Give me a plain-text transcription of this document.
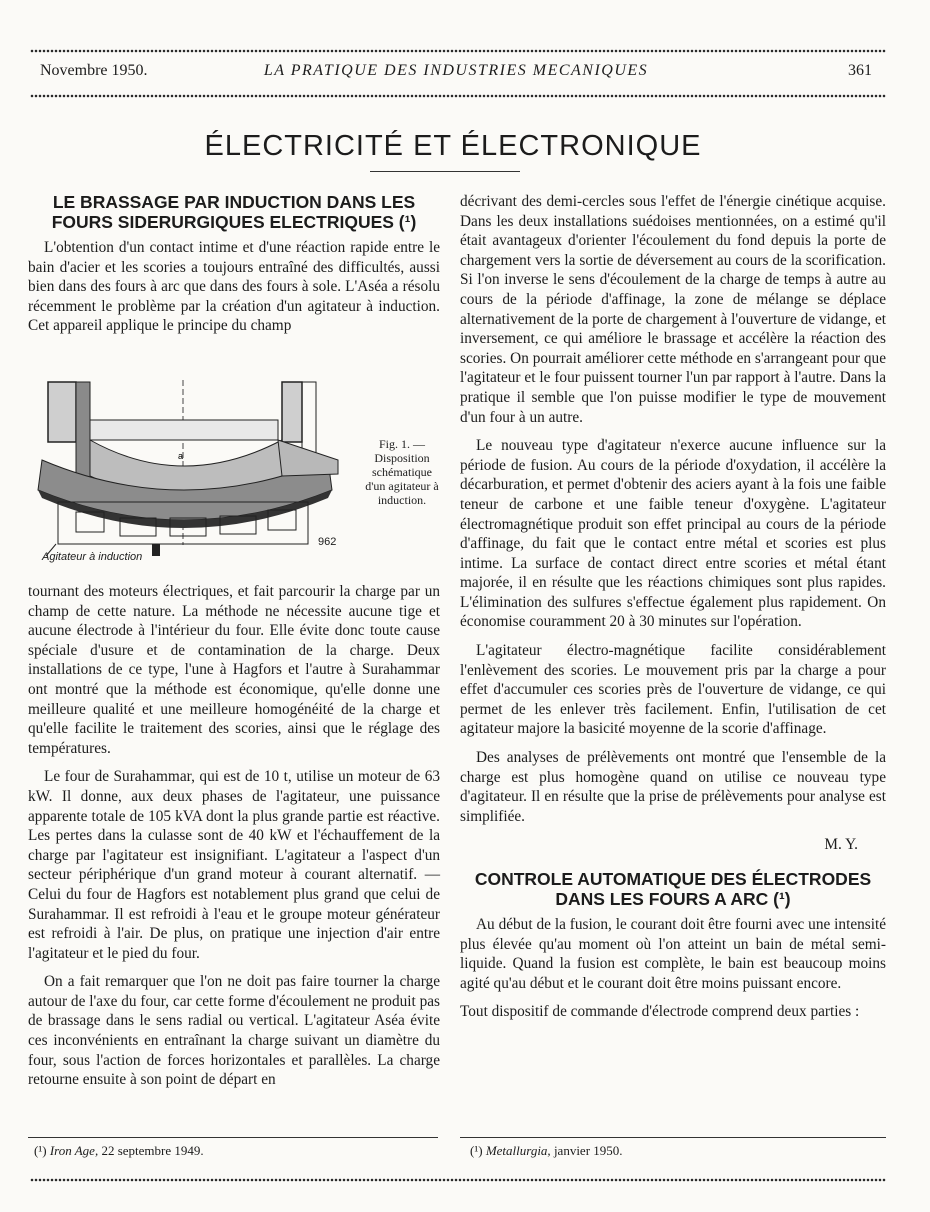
Novembre 1950.	LA PRATIQUE DES INDUSTRIES MECANIQUES	361
ÉLECTRICITÉ ET ÉLECTRONIQUE
LE BRASSAGE PAR INDUCTION DANS LES FOURS SIDERURGIQUES ELECTRIQUES (¹)

L'obtention d'un contact intime et d'une réaction rapide entre le bain d'acier et les scories a toujours entraîné des difficultés, aussi bien dans des fours à arc que dans des fours à sole. L'Aséa a résolu récemment le problème par la création d'un agitateur à induction. Cet appareil applique le principe du champ

a
Fig. 1. — Disposition schématique d'un agitateur à induction.
Agitateur à induction
962

tournant des moteurs électriques, et fait parcourir la charge par un champ de cette nature. La méthode ne nécessite aucune tige et aucune électrode à l'intérieur du four. Elle évite donc toute cause spéciale d'usure et de contamination de la charge. Deux installations de ce type, l'une à Hagfors et l'autre à Surahammar ont montré que la méthode est économique, qu'elle donne une meilleure qualité et une meilleure homogénéité de la charge et qu'elle facilite le traitement des scories, ainsi que le réglage des températures.

Le four de Surahammar, qui est de 10 t, utilise un moteur de 63 kW. Il donne, aux deux phases de l'agitateur, une puissance apparente totale de 105 kVA dont la plus grande partie est réactive. Les pertes dans la culasse sont de 40 kW et l'échauffement de la charge par l'agitateur est insignifiant. L'agitateur a l'aspect d'un secteur périphérique d'un grand moteur à courant alternatif. — Celui du four de Hagfors est notablement plus grand que celui de Surahammar. Il est refroidi à l'eau et le groupe moteur générateur est refroidi à l'air. De plus, on pratique une injection d'air entre l'agitateur et le pied du four.

On a fait remarquer que l'on ne doit pas faire tourner la charge autour de l'axe du four, car cette forme d'écoulement ne produit pas de brassage dans le sens radial ou vertical. L'agitateur Aséa évite ces inconvénients en entraînant la charge suivant un diamètre du four, sous l'action de forces horizontales et parallèles. La charge retourne ensuite à son point de départ en

décrivant des demi-cercles sous l'effet de l'énergie cinétique acquise. Dans les deux installations suédoises mentionnées, on a estimé qu'il était avantageux d'orienter l'écoulement du fond depuis la porte de chargement vers la sortie de déversement au cours de la scorification. Si l'on inverse le sens d'écoulement de la charge de temps à autre au cours de la période d'affinage, la zone de mélange se déplace alternativement de la porte de chargement à l'ouverture de vidange, et inversement, ce qui améliore le brassage et accélère la réaction des scories. On pourrait améliorer cette méthode en s'arrangeant pour que l'agitateur et le four puissent tourner l'un par rapport à l'autre. Dans la pratique il semble que l'on puisse modifier le type de mouvement d'un four à un autre.

Le nouveau type d'agitateur n'exerce aucune influence sur la période de fusion. Au cours de la période d'oxydation, il accélère la décarburation, et permet d'obtenir des aciers ayant à la fois une faible teneur de carbone et une faible teneur d'oxygène. L'agitateur électromagnétique produit son effet principal au cours de la période d'affinage, du fait que le contact entre métal et scories est plus intime. La surface de contact direct entre scories et métal étant majorée, il en résulte que les réactions chimiques sont plus rapides. L'élimination des sulfures s'effectue également plus rapidement. On économise couramment 20 à 30 minutes sur l'opération.

L'agitateur électro-magnétique facilite considérablement l'enlèvement des scories. Le mouvement pris par la charge a pour effet d'accumuler ces scories près de l'ouverture de vidange, ce qui permet de les enlever très facilement. Enfin, l'utilisation de cet agitateur majore la basicité moyenne de la scorie d'affinage.

Des analyses de prélèvements ont montré que l'ensemble de la charge est plus homogène quand on utilise ce nouveau type d'agitateur. Il en résulte que la prise de prélèvements pour analyse est simplifiée.

M. Y.
CONTROLE AUTOMATIQUE DES ÉLECTRODES DANS LES FOURS A ARC (¹)

Au début de la fusion, le courant doit être fourni avec une intensité plus élevée qu'au moment où l'on atteint un bain de métal semi-liquide. Quand la fusion est complète, le bain est beaucoup moins agité qu'au début et le courant doit être moins puissant encore.

Tout dispositif de commande d'électrode comprend deux parties :

(¹) Iron Age, 22 septembre 1949.	(¹) Metallurgia, janvier 1950.
